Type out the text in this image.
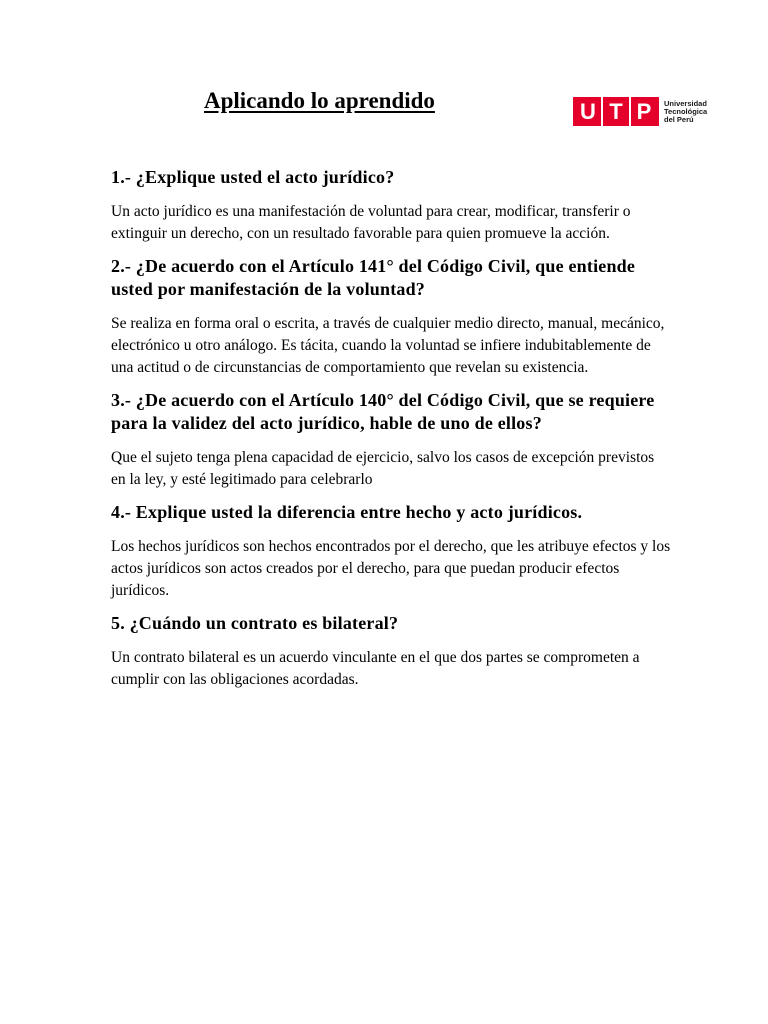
Aplicando lo aprendido	U T P	Universidad
Tecnológica
del Perú

1.- ¿Explique usted el acto jurídico?

Un acto jurídico es una manifestación de voluntad para crear, modificar, transferir o extinguir un derecho, con un resultado favorable para quien promueve la acción.

2.- ¿De acuerdo con el Artículo 141° del Código Civil, que entiende usted por manifestación de la voluntad?

Se realiza en forma oral o escrita, a través de cualquier medio directo, manual, mecánico, electrónico u otro análogo. Es tácita, cuando la voluntad se infiere indubitablemente de una actitud o de circunstancias de comportamiento que revelan su existencia.

3.- ¿De acuerdo con el Artículo 140° del Código Civil, que se requiere para la validez del acto jurídico, hable de uno de ellos?

Que el sujeto tenga plena capacidad de ejercicio, salvo los casos de excepción previstos en la ley, y esté legitimado para celebrarlo

4.- Explique usted la diferencia entre hecho y acto jurídicos.

Los hechos jurídicos son hechos encontrados por el derecho, que les atribuye efectos y los actos jurídicos son actos creados por el derecho, para que puedan producir efectos jurídicos.

5. ¿Cuándo un contrato es bilateral?

Un contrato bilateral es un acuerdo vinculante en el que dos partes se comprometen a cumplir con las obligaciones acordadas.
